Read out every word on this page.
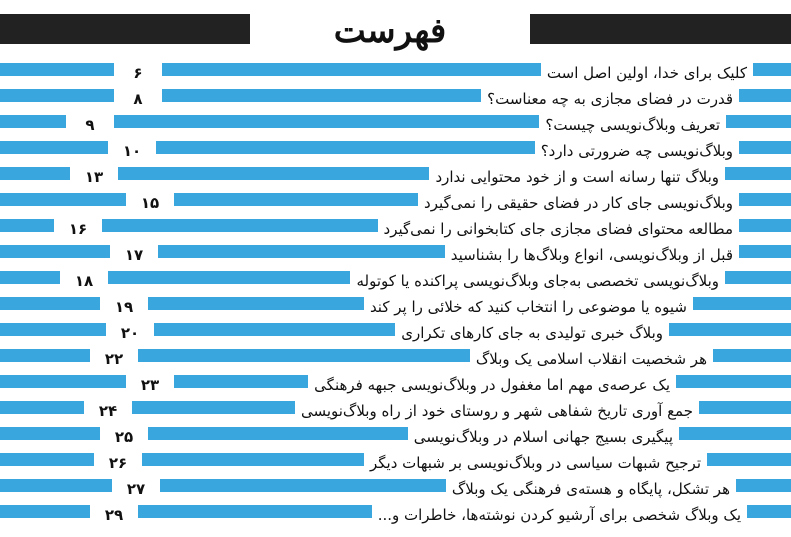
فهرست
کلیک برای خدا، اولین اصل است
۶
قدرت در فضای مجازی به چه معناست؟
۸
تعریف وبلاگ‌نویسی چیست؟
۹
وبلاگ‌نویسی چه ضرورتی دارد؟
۱۰
وبلاگ تنها رسانه است و از خود محتوایی ندارد
۱۳
وبلاگ‌نویسی جای کار در فضای حقیقی را نمی‌گیرد
۱۵
مطالعه محتوای فضای مجازی جای کتابخوانی را نمی‌گیرد
۱۶
قبل از وبلاگ‌نویسی، انواع وبلاگ‌ها را بشناسید
۱۷
وبلاگ‌نویسی تخصصی به‌جای وبلاگ‌نویسی پراکنده یا کوتوله
۱۸
شیوه یا موضوعی را انتخاب کنید که خلائی را پر کند
۱۹
وبلاگ خبری تولیدی به جای کارهای تکراری
۲۰
هر شخصیت انقلاب اسلامی یک وبلاگ
۲۲
یک عرصه‌ی مهم اما مغفول در وبلاگ‌نویسی جبهه فرهنگی
۲۳
جمع آوری تاریخ شفاهی شهر و روستای خود از راه وبلاگ‌نویسی
۲۴
پیگیری بسیج جهانی اسلام در وبلاگ‌نویسی
۲۵
ترجیح شبهات سیاسی در وبلاگ‌نویسی بر شبهات دیگر
۲۶
هر تشکل، پایگاه و هسته‌ی فرهنگی یک وبلاگ
۲۷
یک وبلاگ شخصی برای آرشیو کردن نوشته‌ها، خاطرات و...
۲۹
